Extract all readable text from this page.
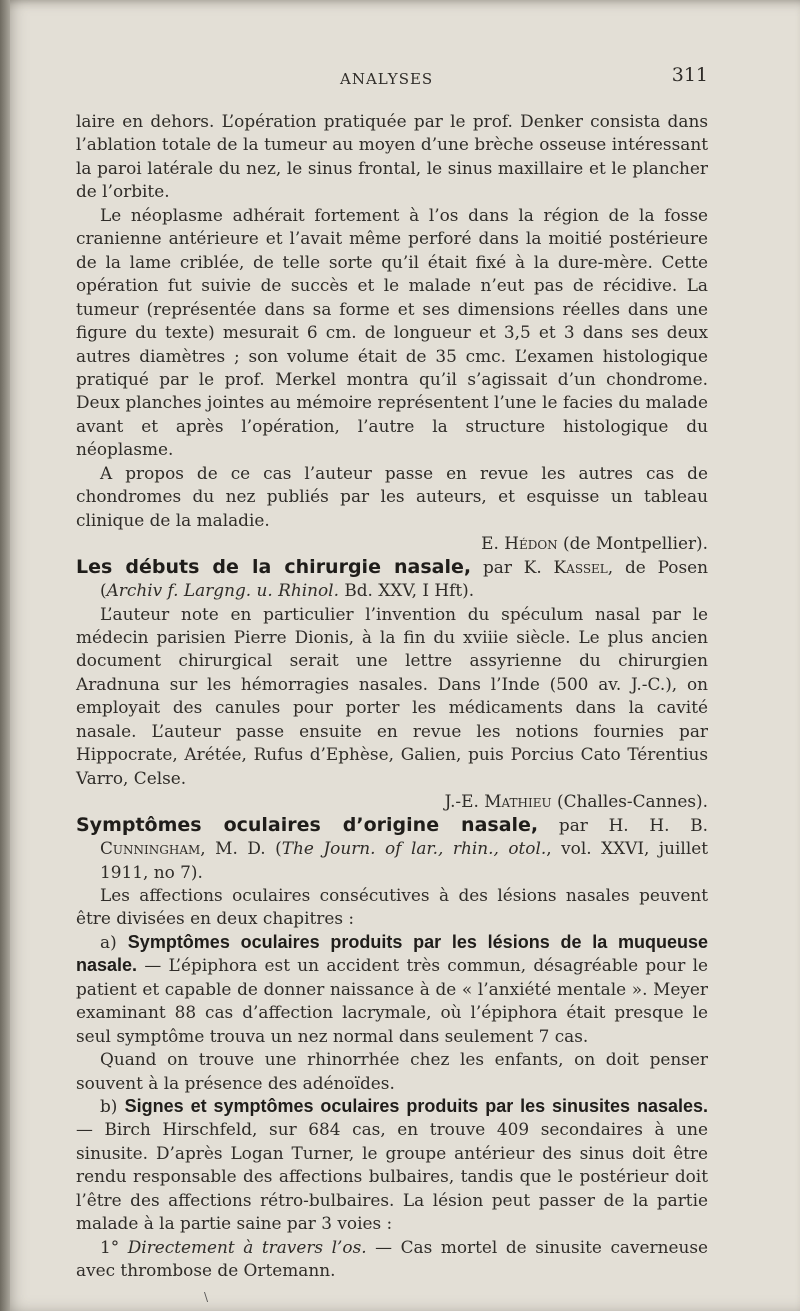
ANALYSES	311

laire en dehors. L’opération pratiquée par le prof. Denker consista dans l’ablation totale de la tumeur au moyen d’une brèche osseuse intéressant la paroi latérale du nez, le sinus frontal, le sinus maxillaire et le plancher de l’orbite.

Le néoplasme adhérait fortement à l’os dans la région de la fosse cranienne antérieure et l’avait même perforé dans la moitié postérieure de la lame criblée, de telle sorte qu’il était fixé à la dure-mère. Cette opération fut suivie de succès et le malade n’eut pas de récidive. La tumeur (représentée dans sa forme et ses dimensions réelles dans une figure du texte) mesurait 6 cm. de longueur et 3,5 et 3 dans ses deux autres diamètres ; son volume était de 35 cmc. L’examen histologique pratiqué par le prof. Merkel montra qu’il s’agissait d’un chondrome. Deux planches jointes au mémoire représentent l’une le facies du malade avant et après l’opération, l’autre la structure histologique du néoplasme.

A propos de ce cas l’auteur passe en revue les autres cas de chondromes du nez publiés par les auteurs, et esquisse un tableau clinique de la maladie.

E. Hédon (de Montpellier).

Les débuts de la chirurgie nasale, par K. Kassel, de Posen (Archiv f. Largng. u. Rhinol. Bd. XXV, I Hft).

L’auteur note en particulier l’invention du spéculum nasal par le médecin parisien Pierre Dionis, à la fin du xviiie siècle. Le plus ancien document chirurgical serait une lettre assyrienne du chirurgien Aradnuna sur les hémorragies nasales. Dans l’Inde (500 av. J.-C.), on employait des canules pour porter les médicaments dans la cavité nasale. L’auteur passe ensuite en revue les notions fournies par Hippocrate, Arétée, Rufus d’Ephèse, Galien, puis Porcius Cato Térentius Varro, Celse.

J.-E. Mathieu (Challes-Cannes).

Symptômes oculaires d’origine nasale, par H. H. B. Cunningham, M. D. (The Journ. of lar., rhin., otol., vol. XXVI, juillet 1911, no 7).

Les affections oculaires consécutives à des lésions nasales peuvent être divisées en deux chapitres :

a) Symptômes oculaires produits par les lésions de la muqueuse nasale. — L’épiphora est un accident très commun, désagréable pour le patient et capable de donner naissance à de « l’anxiété mentale ». Meyer examinant 88 cas d’affection lacrymale, où l’épiphora était presque le seul symptôme trouva un nez normal dans seulement 7 cas.

Quand on trouve une rhinorrhée chez les enfants, on doit penser souvent à la présence des adénoïdes.

b) Signes et symptômes oculaires produits par les sinusites nasales. — Birch Hirschfeld, sur 684 cas, en trouve 409 secondaires à une sinusite. D’après Logan Turner, le groupe antérieur des sinus doit être rendu responsable des affections bulbaires, tandis que le postérieur doit l’être des affections rétro-bulbaires. La lésion peut passer de la partie malade à la partie saine par 3 voies :

1° Directement à travers l’os. — Cas mortel de sinusite caverneuse avec thrombose de Ortemann.

\
